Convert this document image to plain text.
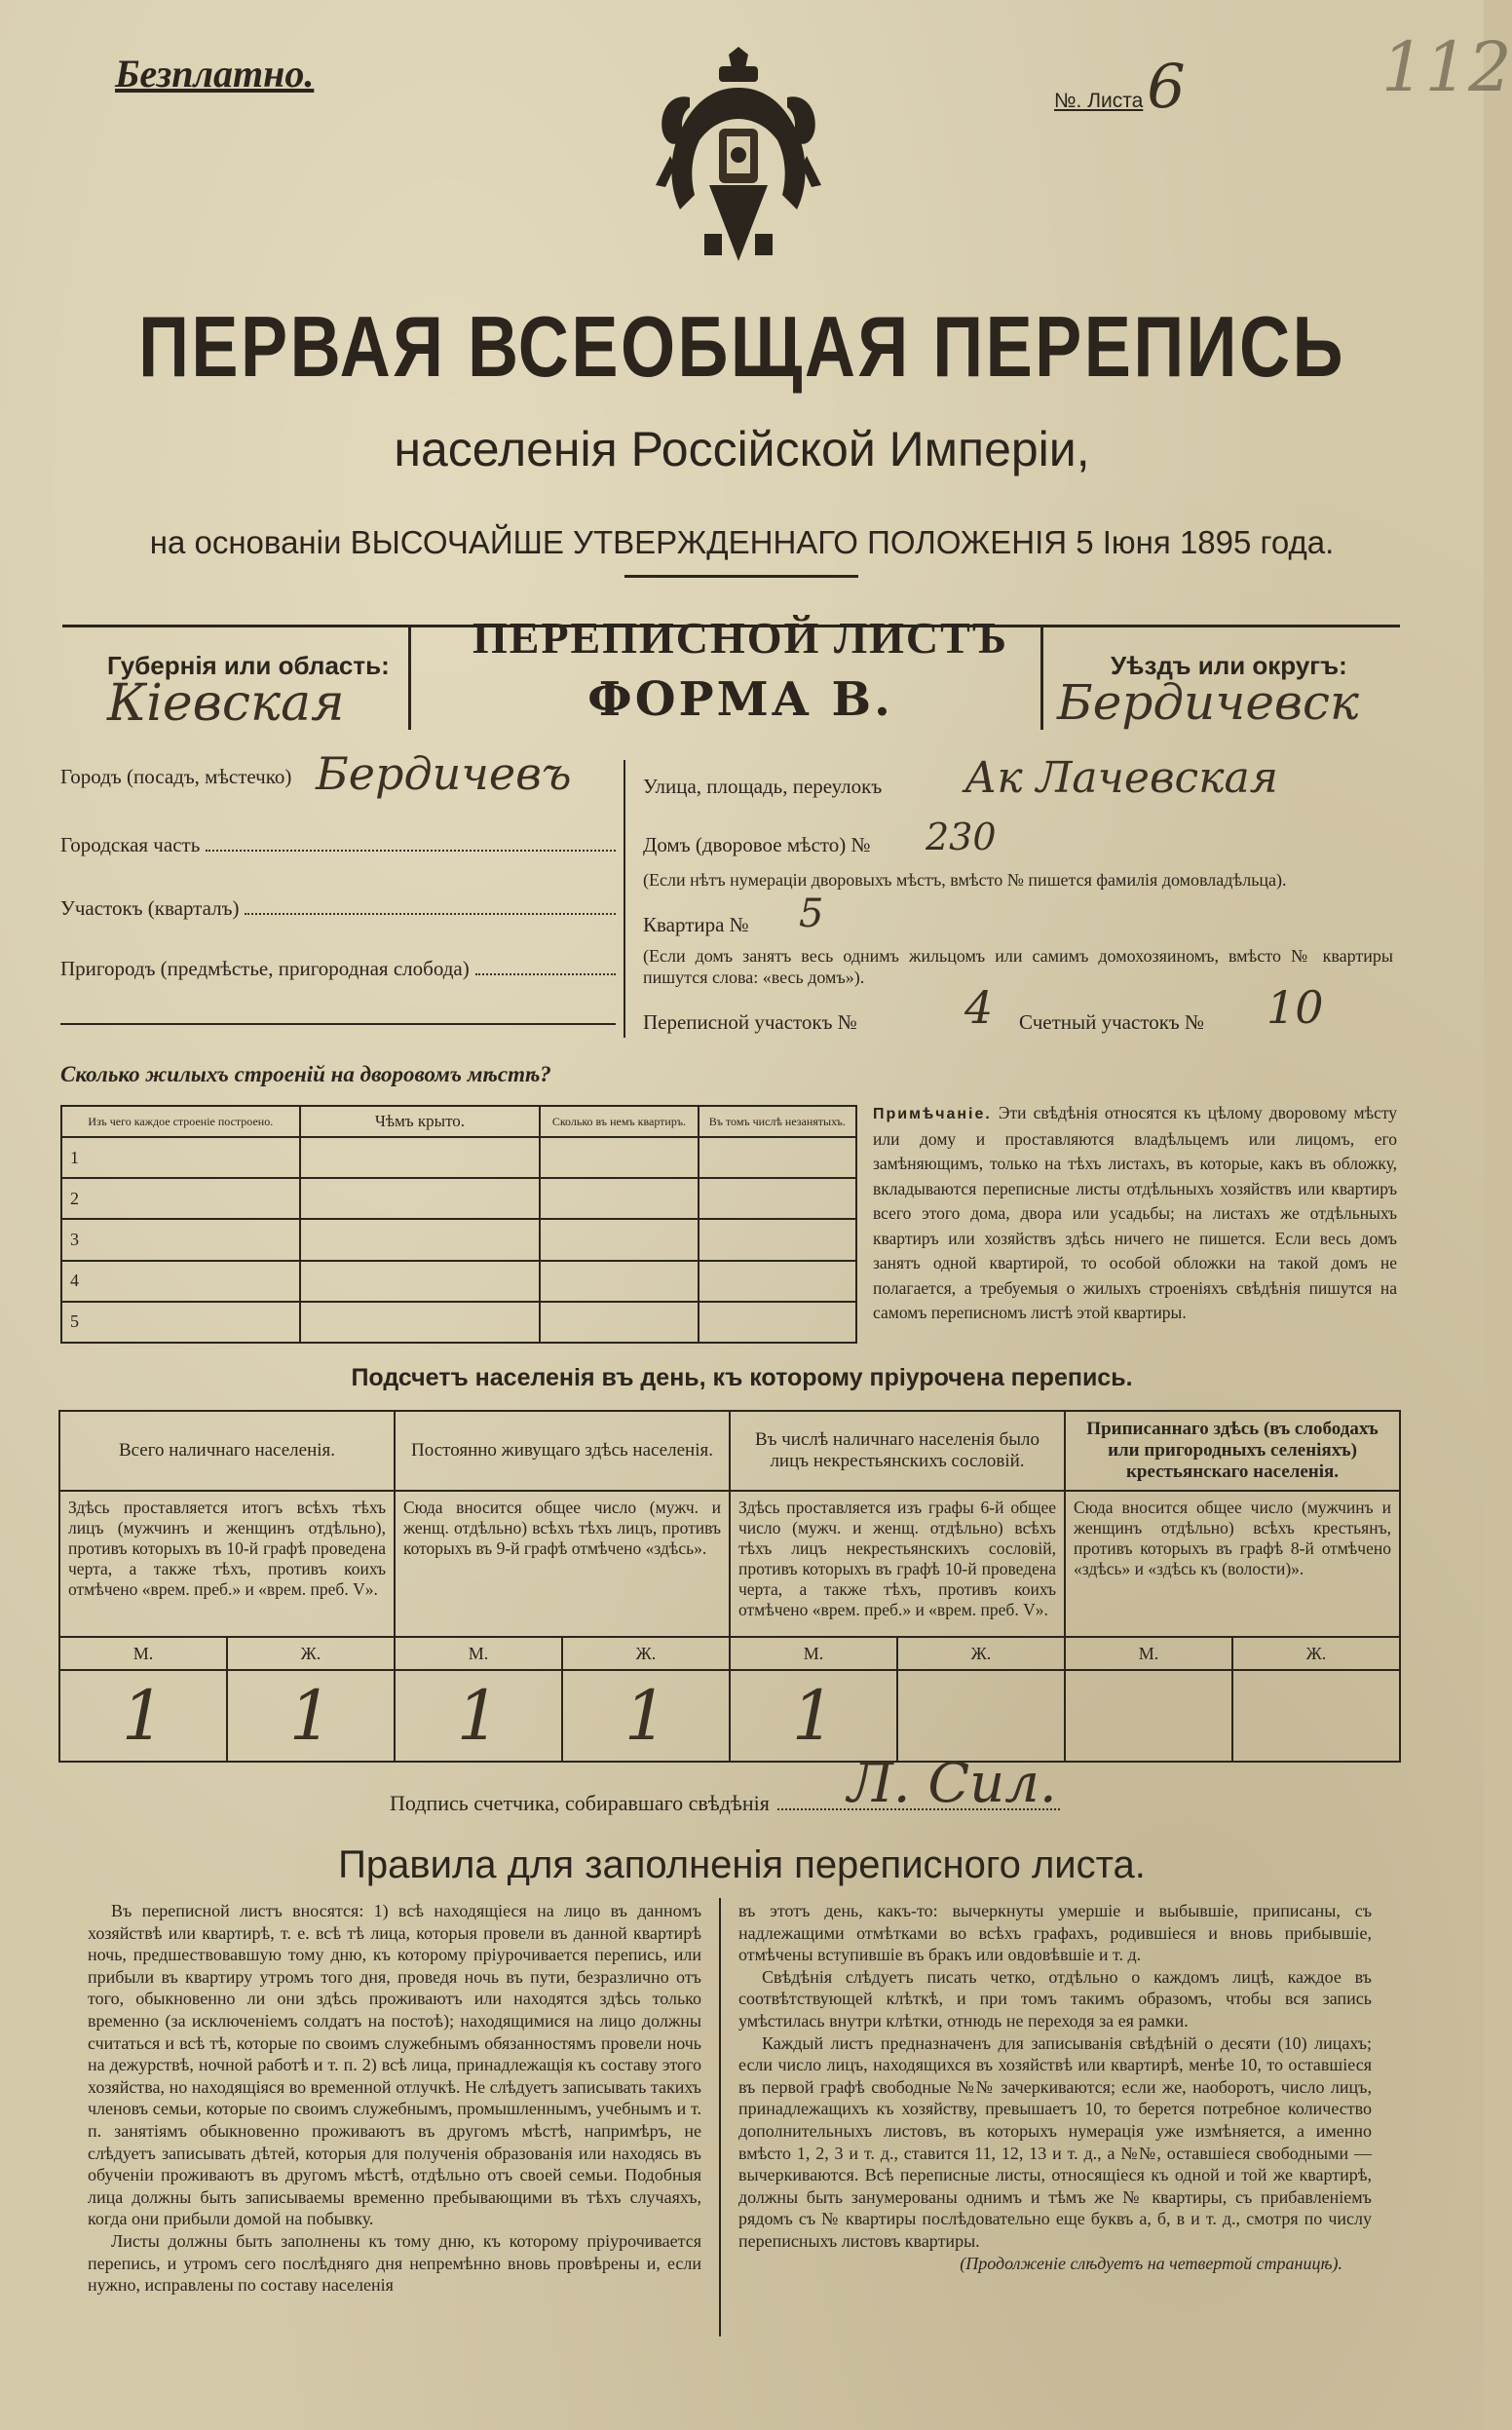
Безплатно.
№. Листа6	112
ПЕРВАЯ ВСЕОБЩАЯ ПЕРЕПИСЬ
населенія Россійской Имперіи,
на основаніи ВЫСОЧАЙШЕ УТВЕРЖДЕННАГО ПОЛОЖЕНІЯ 5 Іюня 1895 года.
ПЕРЕПИСНОЙ ЛИСТЪ
ФОРМА В.
Губернія или область:
Кіевская
Уѣздъ или округъ:
Бердичевск
Городъ (посадъ, мѣстечко) Бердичевъ
Городская часть
Участокъ (кварталъ)
Пригородъ (предмѣстье, пригородная слобода)
Улица, площадь, переулокъ Ак Лачевская
Домъ (дворовое мѣсто) № 230
(Если нѣтъ нумераціи дворовыхъ мѣстъ, вмѣсто № пишется фамилія домовладѣльца).
Квартира № 5
(Если домъ занятъ весь однимъ жильцомъ или самимъ домохозяиномъ, вмѣсто № квартиры пишутся слова: «весь домъ»).
Переписной участокъ № 4 Счетный участокъ № 10
Сколько жилыхъ строеній на дворовомъ мѣстѣ?
Изъ чего каждое строеніе построено.	Чѣмъ крыто.	Сколько въ немъ квартиръ.	Въ томъ числѣ незанятыхъ.
1			
2			
3			
4			
5			
Примѣчаніе. Эти свѣдѣнія относятся къ цѣлому дворовому мѣсту или дому и проставляются владѣльцемъ или лицомъ, его замѣняющимъ, только на тѣхъ листахъ, въ которые, какъ въ обложку, вкладываются переписные листы отдѣльныхъ хозяйствъ или квартиръ всего этого дома, двора или усадьбы; на листахъ же отдѣльныхъ квартиръ или хозяйствъ здѣсь ничего не пишется. Если весь домъ занятъ одной квартирой, то особой обложки на такой домъ не полагается, а требуемыя о жилыхъ строеніяхъ свѣдѣнія пишутся на самомъ переписномъ листѣ этой квартиры.
Подсчетъ населенія въ день, къ которому пріурочена перепись.
Всего наличнаго населенія.		Постоянно живущаго здѣсь населенія.		Въ числѣ наличнаго населенія было лицъ некрестьянскихъ сословій.		Приписаннаго здѣсь (въ слободахъ или пригородныхъ селеніяхъ) крестьянскаго населенія.	
Здѣсь проставляется итогъ всѣхъ тѣхъ лицъ (мужчинъ и женщинъ отдѣльно), противъ которыхъ въ 10-й графѣ проведена черта, а также тѣхъ, противъ коихъ отмѣчено «врем. преб.» и «врем. преб. V».		Сюда вносится общее число (мужч. и женщ. отдѣльно) всѣхъ тѣхъ лицъ, противъ которыхъ въ 9-й графѣ отмѣчено «здѣсь».		Здѣсь проставляется изъ графы 6-й общее число (мужч. и женщ. отдѣльно) всѣхъ тѣхъ лицъ некрестьянскихъ сословій, противъ которыхъ въ графѣ 10-й проведена черта, а также тѣхъ, противъ коихъ отмѣчено «врем. преб.» и «врем. преб. V».		Сюда вносится общее число (мужчинъ и женщинъ отдѣльно) всѣхъ крестьянъ, противъ которыхъ въ графѣ 8-й отмѣчено «здѣсь» и «здѣсь къ (волости)».	
М.	Ж.	М.	Ж.	М.	Ж.	М.	Ж.
1	1	1	1	1			
Подпись счетчика, собиравшаго свѣдѣнія Л. Сил.
Правила для заполненія переписного листа.

Въ переписной листъ вносятся: 1) всѣ находящіеся на лицо въ данномъ хозяйствѣ или квартирѣ, т. е. всѣ тѣ лица, которыя провели въ данной квартирѣ ночь, предшествовавшую тому дню, къ которому пріурочивается перепись, или прибыли въ квартиру утромъ того дня, проведя ночь въ пути, безразлично отъ того, обыкновенно ли они здѣсь проживаютъ или находятся здѣсь только временно (за исключеніемъ солдатъ на постоѣ); находящимися на лицо должны считаться и всѣ тѣ, которые по своимъ служебнымъ обязанностямъ провели ночь на дежурствѣ, ночной работѣ и т. п. 2) всѣ лица, принадлежащія къ составу этого хозяйства, но находящіяся во временной отлучкѣ. Не слѣдуетъ записывать такихъ членовъ семьи, которые по своимъ служебнымъ, промышленнымъ, учебнымъ и т. п. занятіямъ обыкновенно проживаютъ въ другомъ мѣстѣ, напримѣръ, не слѣдуетъ записывать дѣтей, которыя для полученія образованія или находясь въ обученіи проживаютъ въ другомъ мѣстѣ, отдѣльно отъ своей семьи. Подобныя лица должны быть записываемы временно пребывающими въ тѣхъ случаяхъ, когда они прибыли домой на побывку.

Листы должны быть заполнены къ тому дню, къ которому пріурочивается перепись, и утромъ сего послѣдняго дня непремѣнно вновь провѣрены и, если нужно, исправлены по составу населенія

въ этотъ день, какъ-то: вычеркнуты умершіе и выбывшіе, приписаны, съ надлежащими отмѣтками во всѣхъ графахъ, родившіеся и вновь прибывшіе, отмѣчены вступившіе въ бракъ или овдовѣвшіе и т. д.

Свѣдѣнія слѣдуетъ писать четко, отдѣльно о каждомъ лицѣ, каждое въ соотвѣтствующей клѣткѣ, и при томъ такимъ образомъ, чтобы вся запись умѣстилась внутри клѣтки, отнюдь не переходя за ея рамки.

Каждый листъ предназначенъ для записыванія свѣдѣній о десяти (10) лицахъ; если число лицъ, находящихся въ хозяйствѣ или квартирѣ, менѣе 10, то оставшіеся въ первой графѣ свободные №№ зачеркиваются; если же, наоборотъ, число лицъ, принадлежащихъ къ хозяйству, превышаетъ 10, то берется потребное количество дополнительныхъ листовъ, въ которыхъ нумерація уже измѣняется, а именно вмѣсто 1, 2, 3 и т. д., ставится 11, 12, 13 и т. д., а №№, оставшіеся свободными — вычеркиваются. Всѣ переписные листы, относящіеся къ одной и той же квартирѣ, должны быть занумерованы однимъ и тѣмъ же № квартиры, съ прибавленіемъ рядомъ съ № квартиры послѣдовательно еще буквъ а, б, в и т. д., смотря по числу переписныхъ листовъ квартиры.

(Продолженіе слѣдуетъ на четвертой страницѣ).
